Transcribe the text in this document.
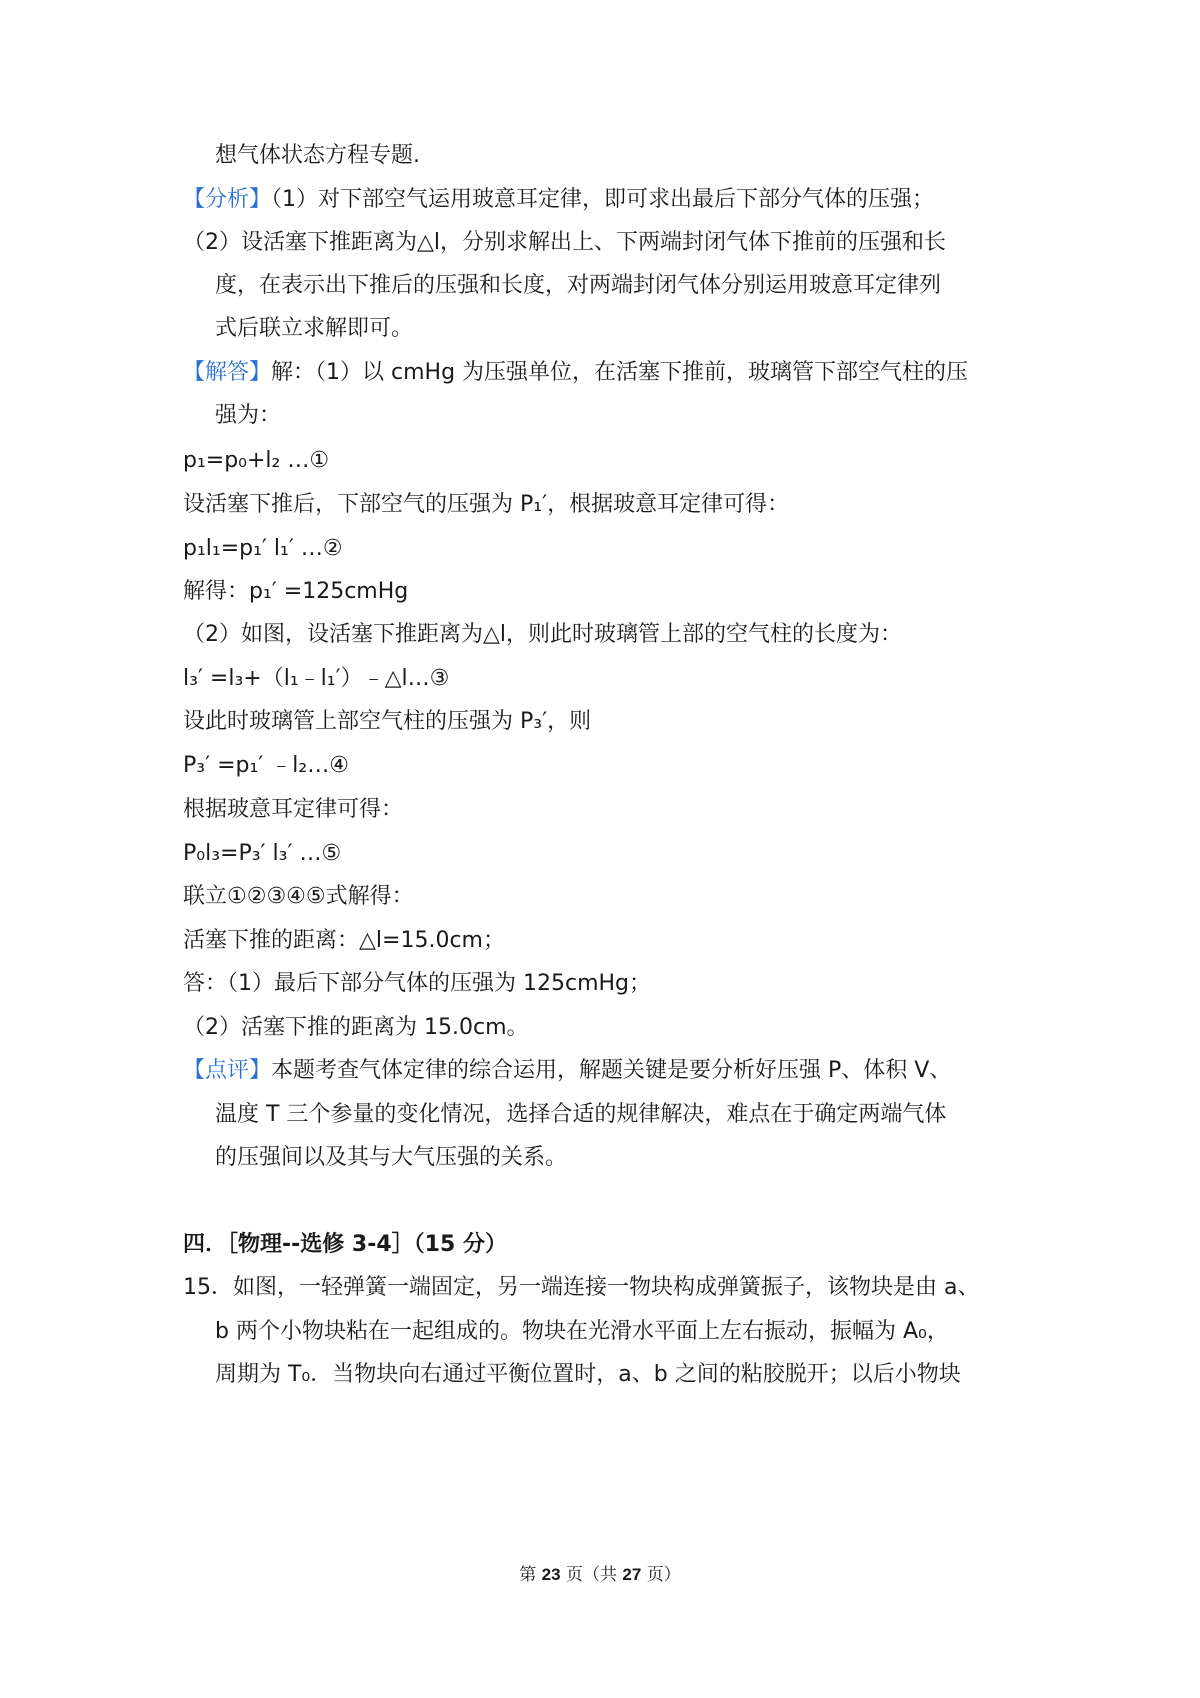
想气体状态方程专题.
【分析】（1）对下部空气运用玻意耳定律，即可求出最后下部分气体的压强；
（2）设活塞下推距离为△l，分别求解出上、下两端封闭气体下推前的压强和长
度，在表示出下推后的压强和长度，对两端封闭气体分别运用玻意耳定律列
式后联立求解即可。
【解答】解：（1）以 cmHg 为压强单位，在活塞下推前，玻璃管下部空气柱的压
强为：
p₁=p₀+l₂ …①
设活塞下推后，下部空气的压强为 P₁′，根据玻意耳定律可得：
p₁l₁=p₁′ l₁′ …②
解得：p₁′ =125cmHg
（2）如图，设活塞下推距离为△l，则此时玻璃管上部的空气柱的长度为：
l₃′ =l₃+（l₁﹣l₁′）﹣△l…③
设此时玻璃管上部空气柱的压强为 P₃′，则
P₃′ =p₁′ ﹣l₂…④
根据玻意耳定律可得：
P₀l₃=P₃′ l₃′ …⑤
联立①②③④⑤式解得：
活塞下推的距离：△l=15.0cm；
答：（1）最后下部分气体的压强为 125cmHg；
（2）活塞下推的距离为 15.0cm。
【点评】本题考查气体定律的综合运用，解题关键是要分析好压强 P、体积 V、
温度 T 三个参量的变化情况，选择合适的规律解决，难点在于确定两端气体
的压强间以及其与大气压强的关系。
四．［物理--选修 3-4］（15 分）
15．如图，一轻弹簧一端固定，另一端连接一物块构成弹簧振子，该物块是由 a、
b 两个小物块粘在一起组成的。物块在光滑水平面上左右振动，振幅为 A₀，
周期为 T₀．当物块向右通过平衡位置时，a、b 之间的粘胶脱开；以后小物块
第 23 页（共 27 页）
